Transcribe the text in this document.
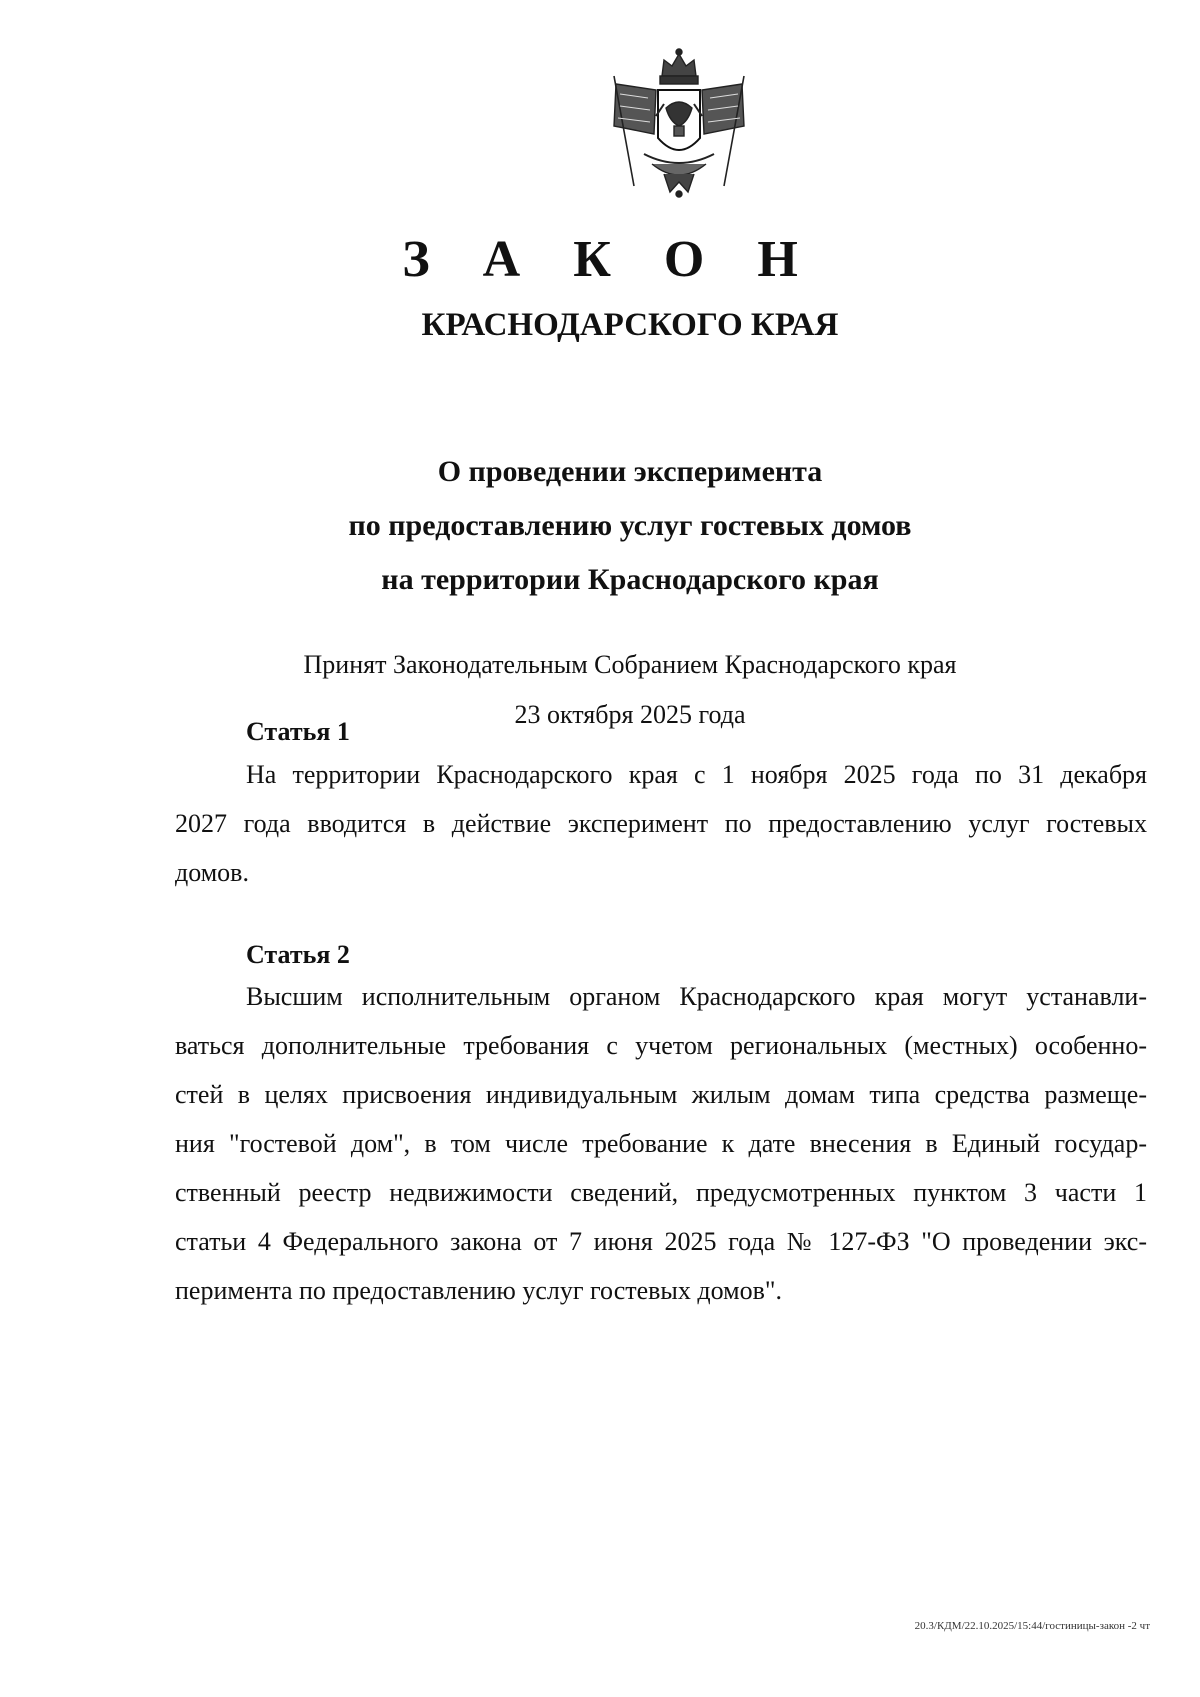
З А К О Н
КРАСНОДАРСКОГО КРАЯ
О проведении эксперимента
по предоставлению услуг гостевых домов
на территории Краснодарского края
Принят Законодательным Собранием Краснодарского края
23 октября 2025 года
Статья 1
На территории Краснодарского края с 1 ноября 2025 года по 31 декабря
2027 года вводится в действие эксперимент по предоставлению услуг гостевых
домов.
Статья 2
Высшим исполнительным органом Краснодарского края могут устанавли-
ваться дополнительные требования с учетом региональных (местных) особенно-
стей в целях присвоения индивидуальным жилым домам типа средства размеще-
ния "гостевой дом", в том числе требование к дате внесения в Единый государ-
ственный реестр недвижимости сведений, предусмотренных пунктом 3 части 1
статьи 4 Федерального закона от 7 июня 2025 года № 127-ФЗ "О проведении экс-
перимента по предоставлению услуг гостевых домов".
20.3/КДМ/22.10.2025/15:44/гостиницы-закон -2 чт
